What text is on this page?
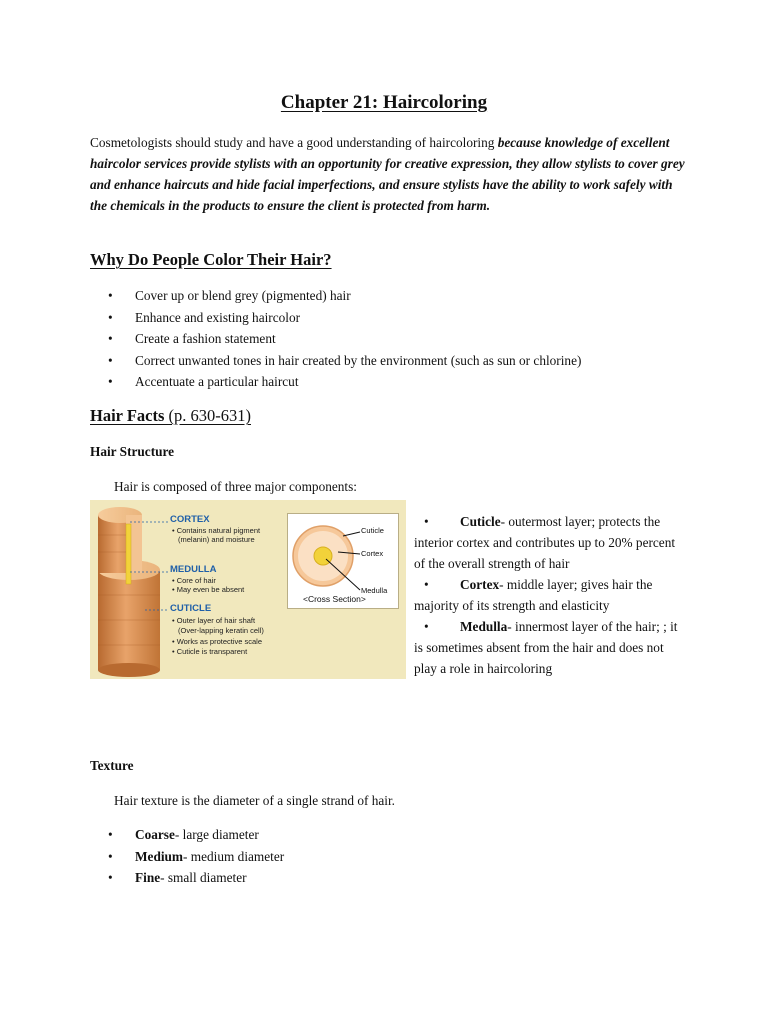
Chapter 21: Haircoloring
Cosmetologists should study and have a good understanding of haircoloring because knowledge of excellent haircolor services provide stylists with an opportunity for creative expression, they allow stylists to cover grey and enhance haircuts and hide facial imperfections, and ensure stylists have the ability to work safely with the chemicals in the products to ensure the client is protected from harm.
Why Do People Color Their Hair?
• Cover up or blend grey (pigmented) hair
• Enhance and existing haircolor
• Create a fashion statement
• Correct unwanted tones in hair created by the environment (such as sun or chlorine)
• Accentuate a particular haircut
Hair Facts (p. 630-631)
Hair Structure
Hair is composed of three major components:
CORTEX
• Contains natural pigment
(melanin) and moisture
MEDULLA
• Core of hair
• May even be absent
CUTICLE
• Outer layer of hair shaft
(Over-lapping keratin cell)
• Works as protective scale
• Cuticle is transparent
Cuticle
Cortex
Medulla
<Cross Section>
• Cuticle- outermost layer; protects the interior cortex and contributes up to 20% percent of the overall strength of hair
• Cortex- middle layer; gives hair the majority of its strength and elasticity
• Medulla- innermost layer of the hair; ; it is sometimes absent from the hair and does not play a role in haircoloring
Texture
Hair texture is the diameter of a single strand of hair.
• Coarse- large diameter
• Medium- medium diameter
• Fine- small diameter
